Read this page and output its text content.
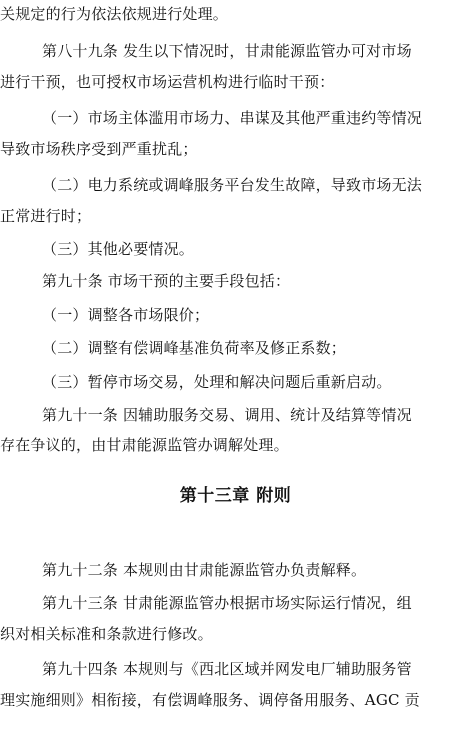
关规定的行为依法依规进行处理。
第八十九条 发生以下情况时，甘肃能源监管办可对市场
进行干预，也可授权市场运营机构进行临时干预：
（一）市场主体滥用市场力、串谋及其他严重违约等情况
导致市场秩序受到严重扰乱；
（二）电力系统或调峰服务平台发生故障，导致市场无法
正常进行时；
（三）其他必要情况。
第九十条 市场干预的主要手段包括：
（一）调整各市场限价；
（二）调整有偿调峰基准负荷率及修正系数；
（三）暂停市场交易，处理和解决问题后重新启动。
第九十一条 因辅助服务交易、调用、统计及结算等情况
存在争议的，由甘肃能源监管办调解处理。
第十三章 附则
第九十二条 本规则由甘肃能源监管办负责解释。
第九十三条 甘肃能源监管办根据市场实际运行情况，组
织对相关标准和条款进行修改。
第九十四条 本规则与《西北区域并网发电厂辅助服务管
理实施细则》相衔接，有偿调峰服务、调停备用服务、AGC 贡
